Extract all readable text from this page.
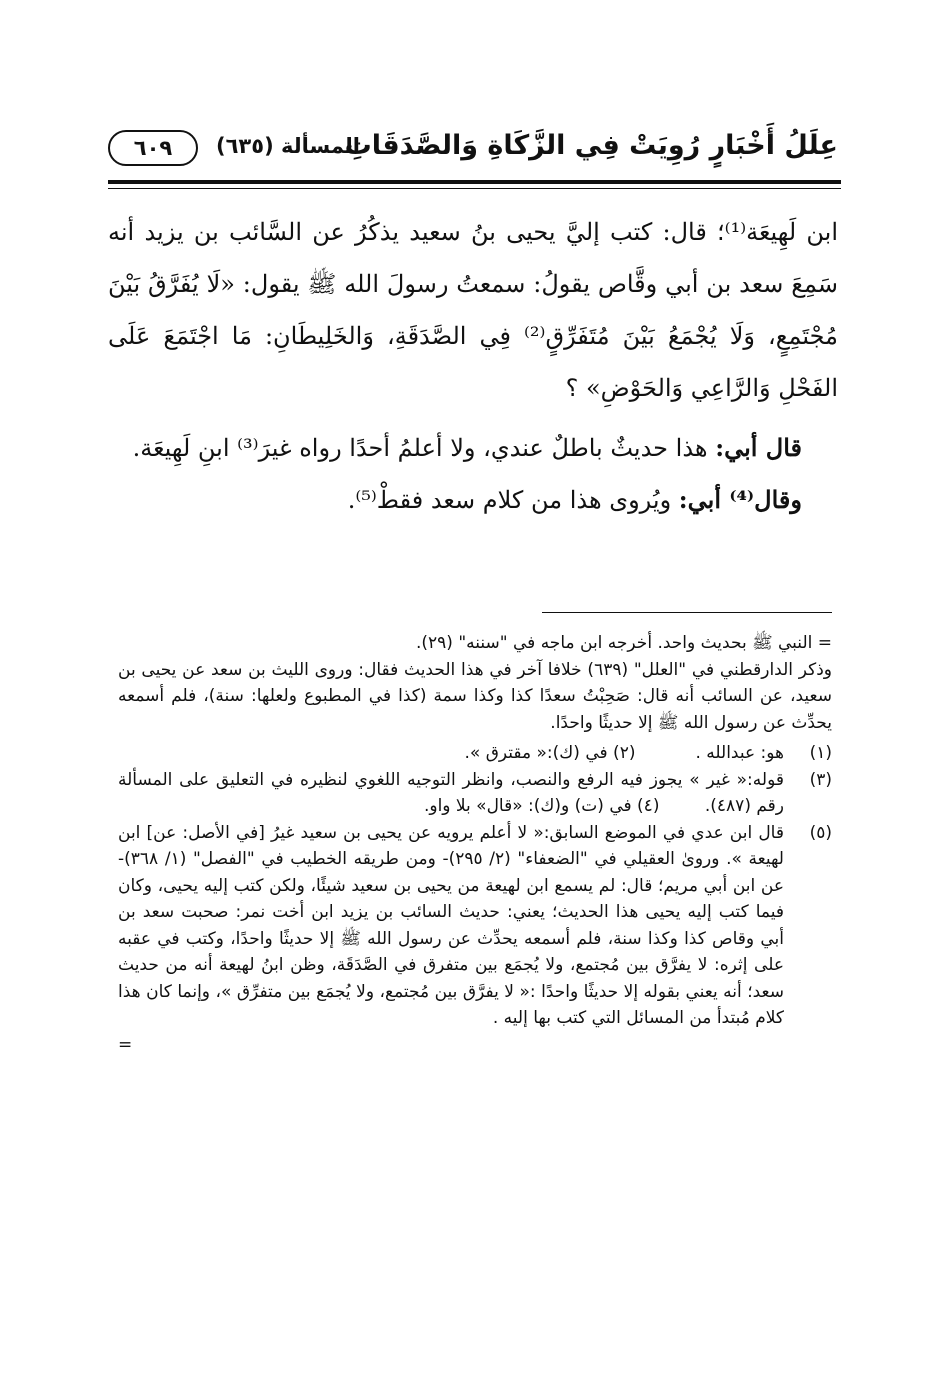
عِلَلُ أَخْبَارٍ رُوِيَتْ فِي الزَّكَاةِ وَالصَّدَقَاتِ
المسألة (٦٣٥)
٦٠٩

ابن لَهِيعَة⁽¹⁾؛ قال: كتب إليَّ يحيى بنُ سعيد يذكُرُ عن السَّائب بن يزيد أنه سَمِعَ سعد بن أبي وقَّاص يقولُ: سمعتُ رسولَ الله ﷺ يقول: «لَا يُفَرَّقُ بَيْنَ مُجْتَمِعٍ، وَلَا يُجْمَعُ بَيْنَ مُتَفَرِّقٍ⁽²⁾ فِي الصَّدَقَةِ، وَالخَلِيطَانِ: مَا اجْتَمَعَ عَلَى الفَحْلِ وَالرَّاعِي وَالحَوْضِ» ؟

قال أبي: هذا حديثٌ باطلٌ عندي، ولا أعلمُ أحدًا رواه غيرَ⁽³⁾ ابنِ لَهِيعَة.

وقال⁽⁴⁾ أبي: ويُروى هذا من كلام سعد فقطْ⁽⁵⁾.

= النبي ﷺ بحديث واحد. أخرجه ابن ماجه في "سننه" (٢٩).

وذكر الدارقطني في "العلل" (٦٣٩) خلافا آخر في هذا الحديث فقال: وروى الليث بن سعد عن يحيى بن سعيد، عن السائب أنه قال: صَحِبْتُ سعدًا كذا وكذا سمة (كذا في المطبوع ولعلها: سنة)، فلم أسمعه يحدِّث عن رسول الله ﷺ إلا حديثًا واحدًا.

(١)
هو: عبدالله .
(٢) في (ك):« مقترق ».
(٣)
قوله:« غير » يجوز فيه الرفع والنصب، وانظر التوجيه اللغوي لنظيره في التعليق على المسألة رقم (٤٨٧). (٤) في (ت) و(ك): «قال» بلا واو.
(٥)
قال ابن عدي في الموضع السابق:« لا أعلم يرويه عن يحيى بن سعيد غيرُ [في الأصل: عن] ابن لهيعة ». وروىٰ العقيلي في "الضعفاء" (٢/ ٢٩٥)- ومن طريقه الخطيب في "الفصل" (١/ ٣٦٨)- عن ابن أبي مريم؛ قال: لم يسمع ابن لهيعة من يحيى بن سعيد شيئًا، ولكن كتب إليه يحيى، وكان فيما كتب إليه يحيى هذا الحديث؛ يعني: حديث السائب بن يزيد ابن أخت نمر: صحبت سعد بن أبي وقاص كذا وكذا سنة، فلم أسمعه يحدِّث عن رسول الله ﷺ إلا حديثًا واحدًا، وكتب في عقبه على إثره: لا يفرَّق بين مُجتمع، ولا يُجمَع بين متفرق في الصَّدَقَة، وظن ابنُ لهيعة أنه من حديث سعد؛ أنه يعني بقوله إلا حديثًا واحدًا :« لا يفرَّق بين مُجتمع، ولا يُجمَع بين متفرِّق »، وإنما كان هذا كلام مُبتدأ من المسائل التي كتب بها إليه .

=
